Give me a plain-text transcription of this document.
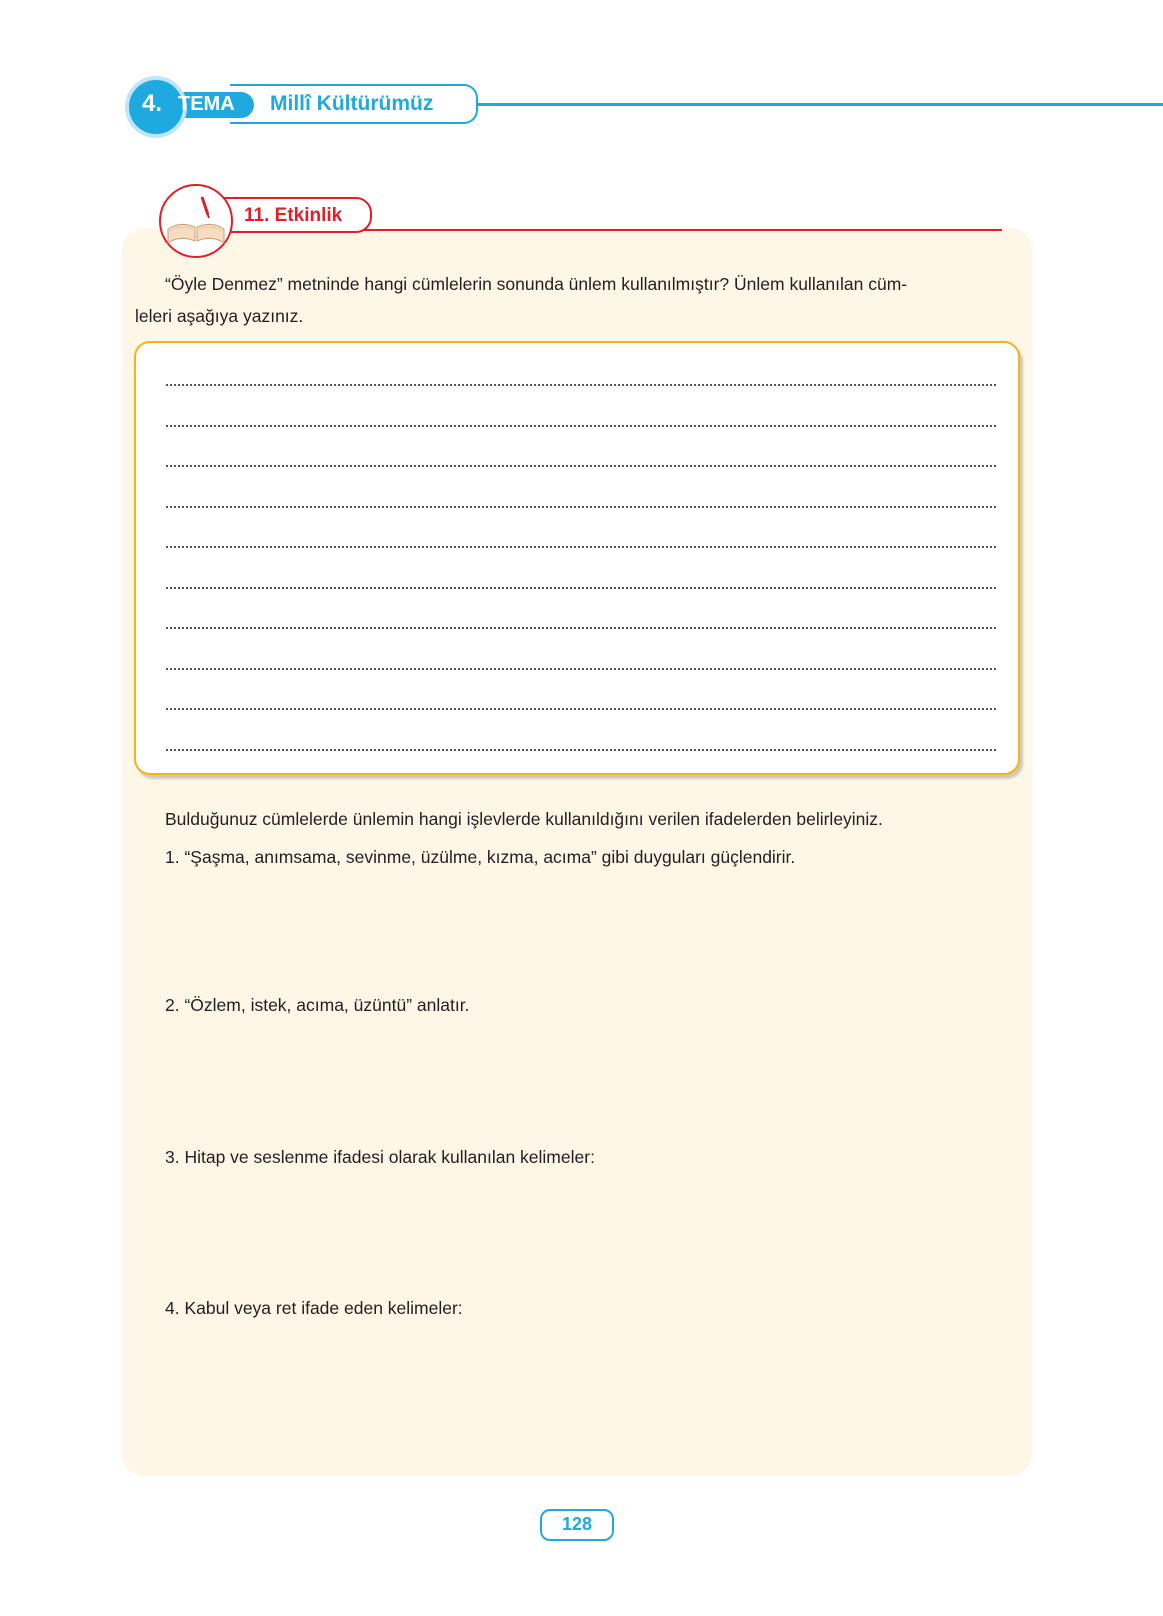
Millî Kültürümüz
4. TEMA
11. Etkinlik
“Öyle Denmez” metninde hangi cümlelerin sonunda ünlem kullanılmıştır? Ünlem kullanılan cüm-
leleri aşağıya yazınız.
Bulduğunuz cümlelerde ünlemin hangi işlevlerde kullanıldığını verilen ifadelerden belirleyiniz.
1. “Şaşma, anımsama, sevinme, üzülme, kızma, acıma” gibi duyguları güçlendirir.
2. “Özlem, istek, acıma, üzüntü” anlatır.
3. Hitap ve seslenme ifadesi olarak kullanılan kelimeler:
4. Kabul veya ret ifade eden kelimeler:
128
